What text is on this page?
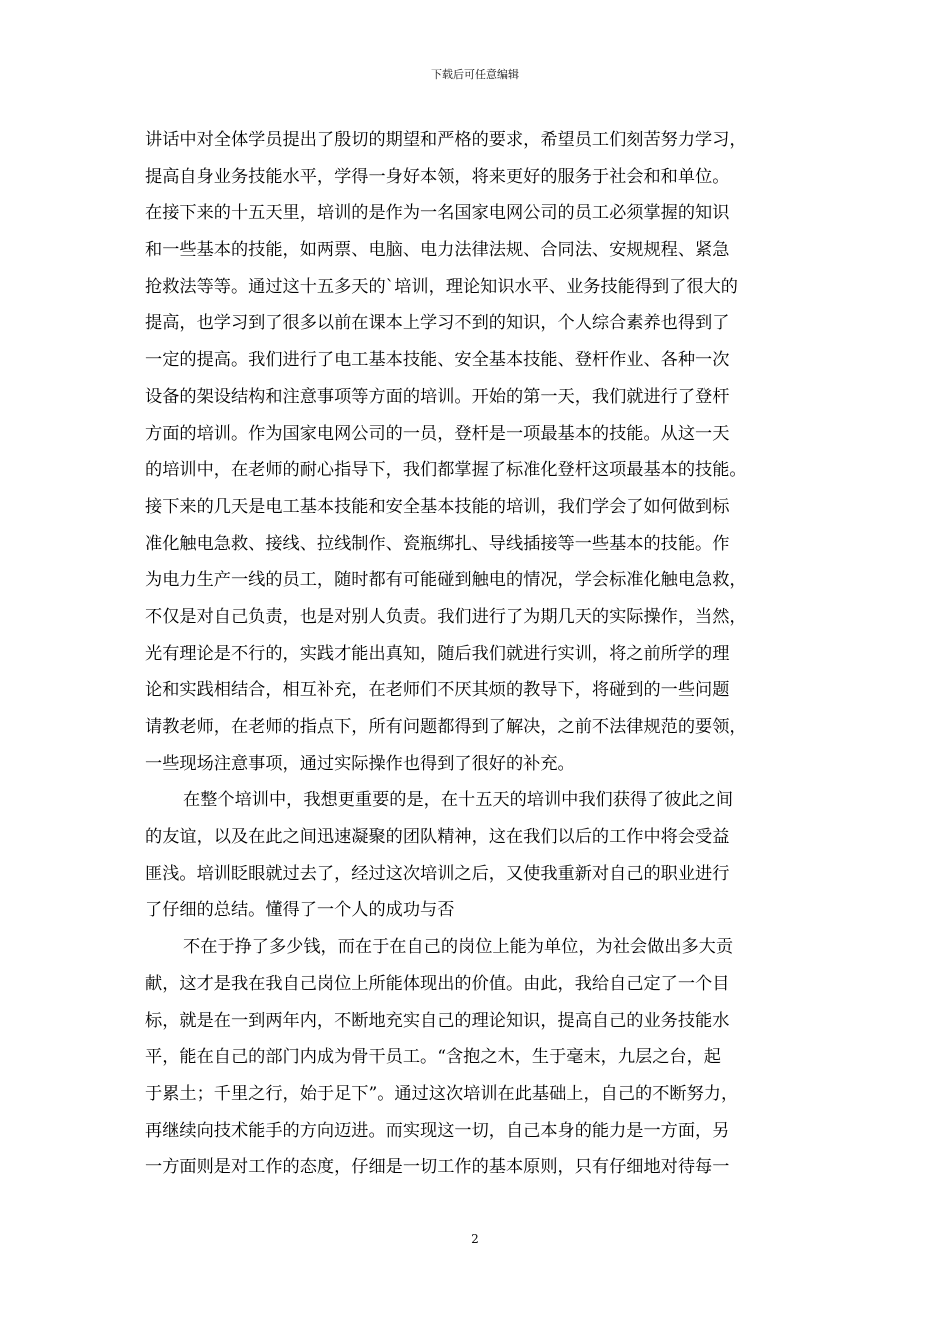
下载后可任意编辑
讲话中对全体学员提出了殷切的期望和严格的要求，希望员工们刻苦努力学习，
提高自身业务技能水平，学得一身好本领，将来更好的服务于社会和和单位。
在接下来的十五天里，培训的是作为一名国家电网公司的员工必须掌握的知识
和一些基本的技能，如两票、电脑、电力法律法规、合同法、安规规程、紧急
抢救法等等。通过这十五多天的`培训，理论知识水平、业务技能得到了很大的
提高，也学习到了很多以前在课本上学习不到的知识，个人综合素养也得到了
一定的提高。我们进行了电工基本技能、安全基本技能、登杆作业、各种一次
设备的架设结构和注意事项等方面的培训。开始的第一天，我们就进行了登杆
方面的培训。作为国家电网公司的一员，登杆是一项最基本的技能。从这一天
的培训中，在老师的耐心指导下，我们都掌握了标准化登杆这项最基本的技能。
接下来的几天是电工基本技能和安全基本技能的培训，我们学会了如何做到标
准化触电急救、接线、拉线制作、瓷瓶绑扎、导线插接等一些基本的技能。作
为电力生产一线的员工，随时都有可能碰到触电的情况，学会标准化触电急救，
不仅是对自己负责，也是对别人负责。我们进行了为期几天的实际操作，当然，
光有理论是不行的，实践才能出真知，随后我们就进行实训，将之前所学的理
论和实践相结合，相互补充，在老师们不厌其烦的教导下，将碰到的一些问题
请教老师，在老师的指点下，所有问题都得到了解决，之前不法律规范的要领，
一些现场注意事项，通过实际操作也得到了很好的补充。
在整个培训中，我想更重要的是，在十五天的培训中我们获得了彼此之间
的友谊，以及在此之间迅速凝聚的团队精神，这在我们以后的工作中将会受益
匪浅。培训眨眼就过去了，经过这次培训之后，又使我重新对自己的职业进行
了仔细的总结。懂得了一个人的成功与否
不在于挣了多少钱，而在于在自己的岗位上能为单位，为社会做出多大贡
献，这才是我在我自己岗位上所能体现出的价值。由此，我给自己定了一个目
标，就是在一到两年内，不断地充实自己的理论知识，提高自己的业务技能水
平，能在自己的部门内成为骨干员工。“含抱之木，生于毫末，九层之台，起
于累土；千里之行，始于足下”。通过这次培训在此基础上，自己的不断努力，
再继续向技术能手的方向迈进。而实现这一切，自己本身的能力是一方面，另
一方面则是对工作的态度，仔细是一切工作的基本原则，只有仔细地对待每一
2
